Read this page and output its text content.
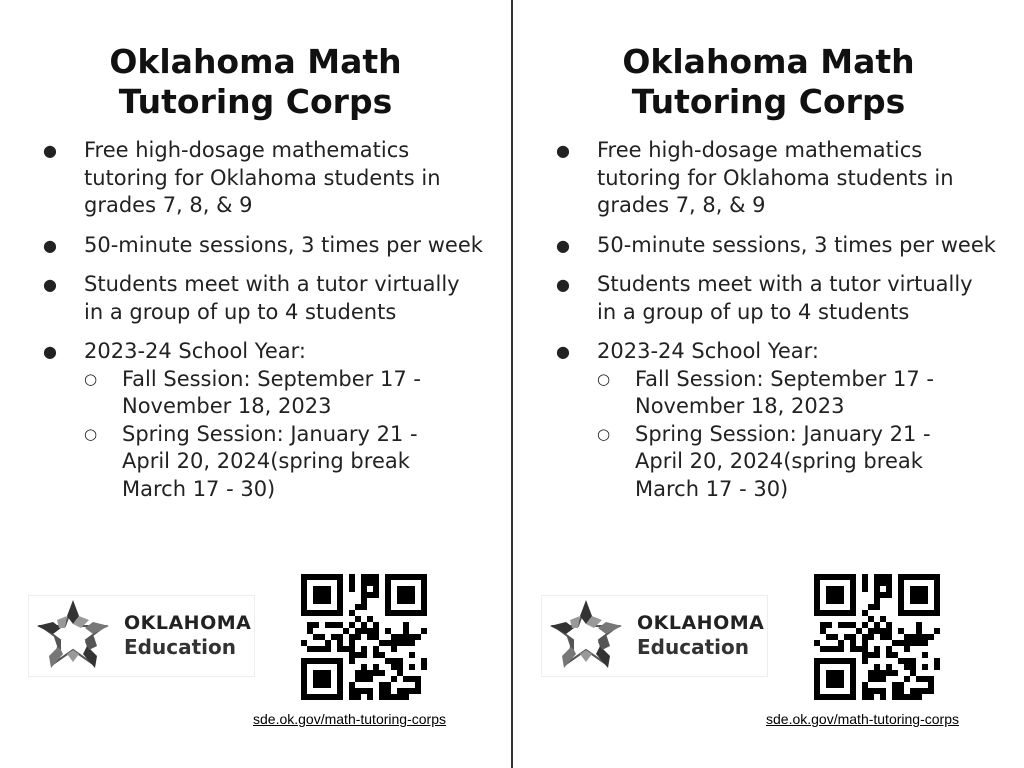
Oklahoma Math
Tutoring Corps
● Free high-dosage mathematics tutoring for Oklahoma students in grades 7, 8, & 9
● 50-minute sessions, 3 times per week
● Students meet with a tutor virtually in a group of up to 4 students
● 2023-24 School Year:
○ Fall Session: September 17 - November 18, 2023
○ Spring Session: January 21 - April 20, 2024(spring break March 17 - 30)
OKLAHOMA
Education
sde.ok.gov/math-tutoring-corps
Oklahoma Math
Tutoring Corps
● Free high-dosage mathematics tutoring for Oklahoma students in grades 7, 8, & 9
● 50-minute sessions, 3 times per week
● Students meet with a tutor virtually in a group of up to 4 students
● 2023-24 School Year:
○ Fall Session: September 17 - November 18, 2023
○ Spring Session: January 21 - April 20, 2024(spring break March 17 - 30)
OKLAHOMA
Education
sde.ok.gov/math-tutoring-corps
